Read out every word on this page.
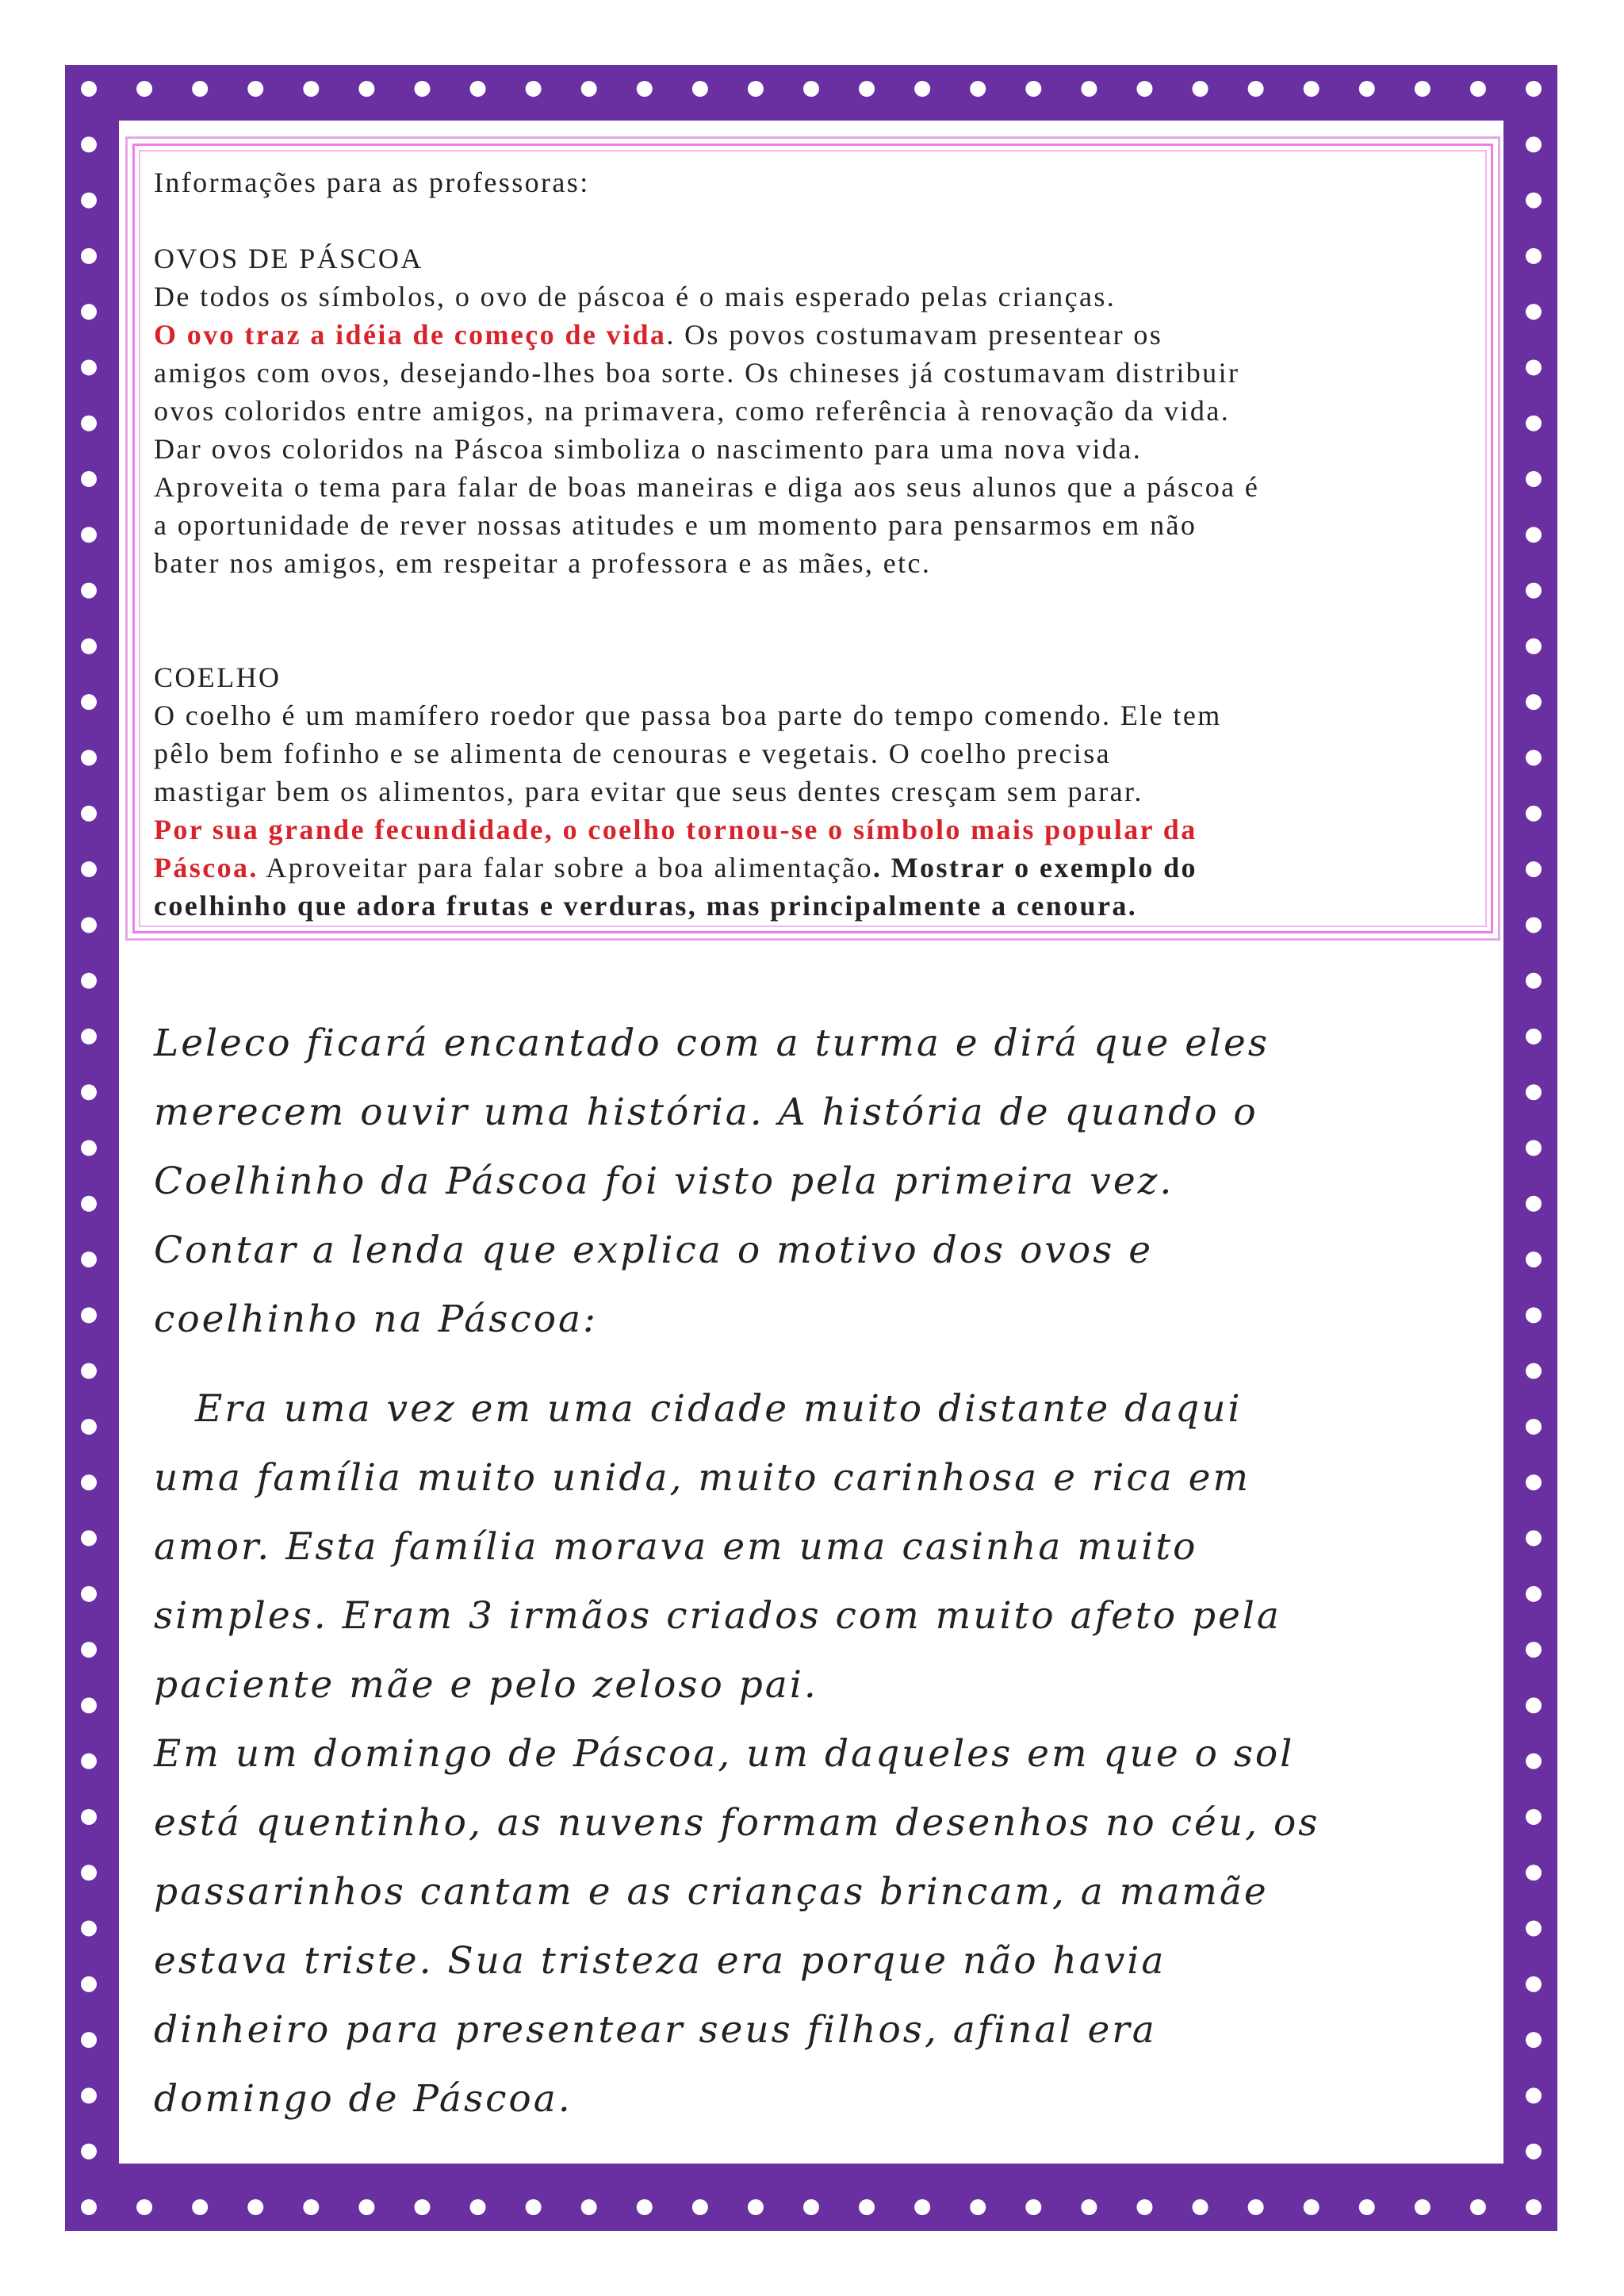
Informações para as professoras:

OVOS DE PÁSCOA

De todos os símbolos, o ovo de páscoa é o mais esperado pelas crianças.

O ovo traz a idéia de começo de vida. Os povos costumavam presentear os

amigos com ovos, desejando-lhes boa sorte. Os chineses já costumavam distribuir

ovos coloridos entre amigos, na primavera, como referência à renovação da vida.

Dar ovos coloridos na Páscoa simboliza o nascimento para uma nova vida.

Aproveita o tema para falar de boas maneiras e diga aos seus alunos que a páscoa é

a oportunidade de rever nossas atitudes e um momento para pensarmos em não

bater nos amigos, em respeitar a professora e as mães, etc.

COELHO

O coelho é um mamífero roedor que passa boa parte do tempo comendo. Ele tem

pêlo bem fofinho e se alimenta de cenouras e vegetais. O coelho precisa

mastigar bem os alimentos, para evitar que seus dentes cresçam sem parar.

Por sua grande fecundidade, o coelho tornou-se o símbolo mais popular da

Páscoa. Aproveitar para falar sobre a boa alimentação. Mostrar o exemplo do

coelhinho que adora frutas e verduras, mas principalmente a cenoura.

Leleco ficará encantado com a turma e dirá que eles
merecem ouvir uma história. A história de quando o
Coelhinho da Páscoa foi visto pela primeira vez.
Contar a lenda que explica o motivo dos ovos e
coelhinho na Páscoa:
Era uma vez em uma cidade muito distante daqui
uma família muito unida, muito carinhosa e rica em
amor. Esta família morava em uma casinha muito
simples. Eram 3 irmãos criados com muito afeto pela
paciente mãe e pelo zeloso pai.
Em um domingo de Páscoa, um daqueles em que o sol
está quentinho, as nuvens formam desenhos no céu, os
passarinhos cantam e as crianças brincam, a mamãe
estava triste. Sua tristeza era porque não havia
dinheiro para presentear seus filhos, afinal era
domingo de Páscoa.
